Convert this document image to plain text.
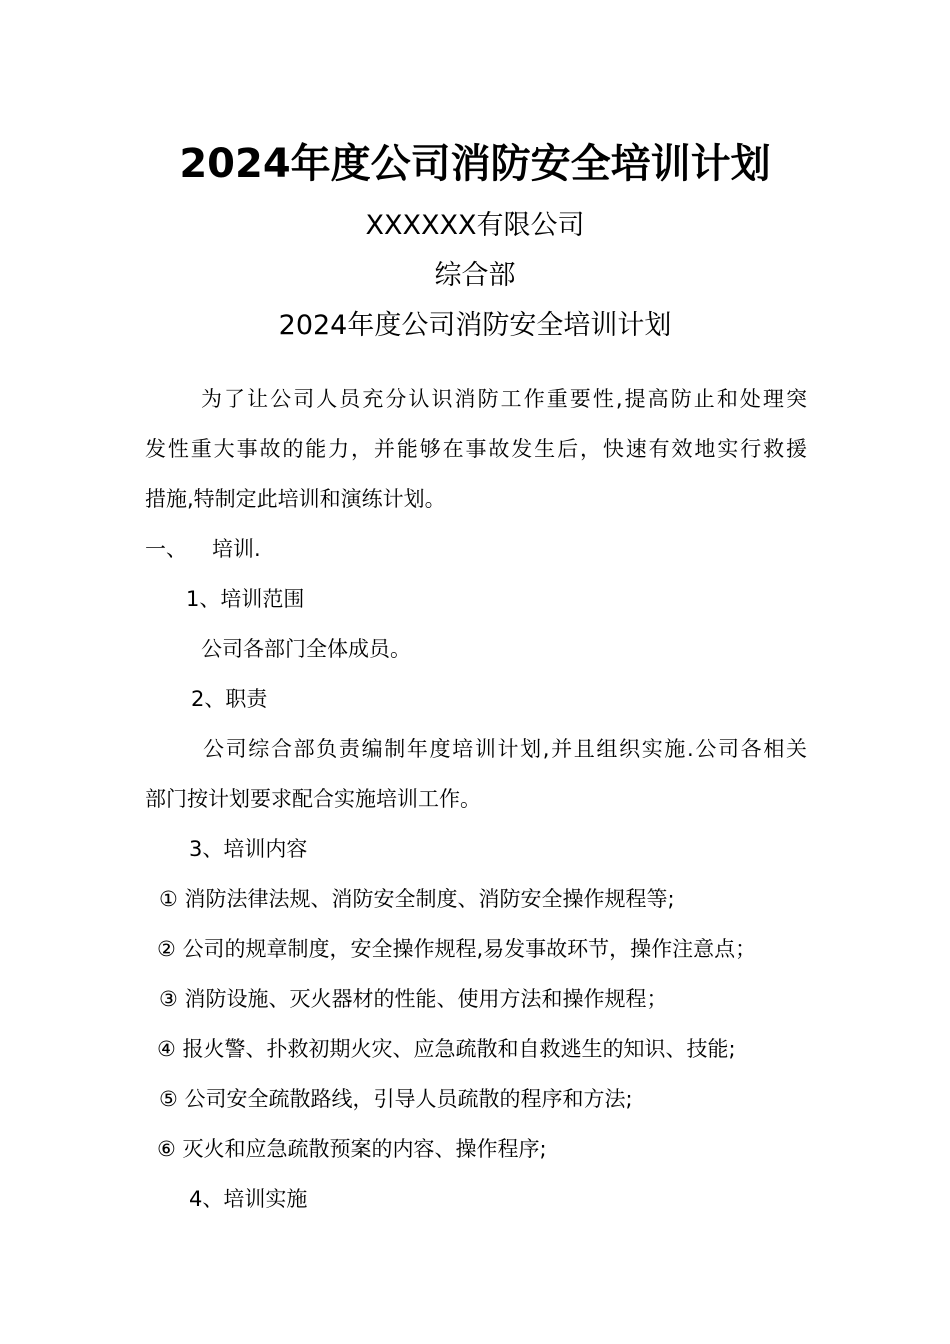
2024年度公司消防安全培训计划
XXXXXX有限公司
综合部
2024年度公司消防安全培训计划
为了让公司人员充分认识消防工作重要性,提高防止和处理突
发性重大事故的能力，并能够在事故发生后，快速有效地实行救援
措施,特制定此培训和演练计划。
一、 培训.
1、培训范围
公司各部门全体成员。
2、职责
公司综合部负责编制年度培训计划,并且组织实施.公司各相关
部门按计划要求配合实施培训工作。
3、培训内容
① 消防法律法规、消防安全制度、消防安全操作规程等;
② 公司的规章制度，安全操作规程,易发事故环节，操作注意点；
③ 消防设施、灭火器材的性能、使用方法和操作规程；
④ 报火警、扑救初期火灾、应急疏散和自救逃生的知识、技能;
⑤ 公司安全疏散路线，引导人员疏散的程序和方法;
⑥ 灭火和应急疏散预案的内容、操作程序;
4、培训实施
